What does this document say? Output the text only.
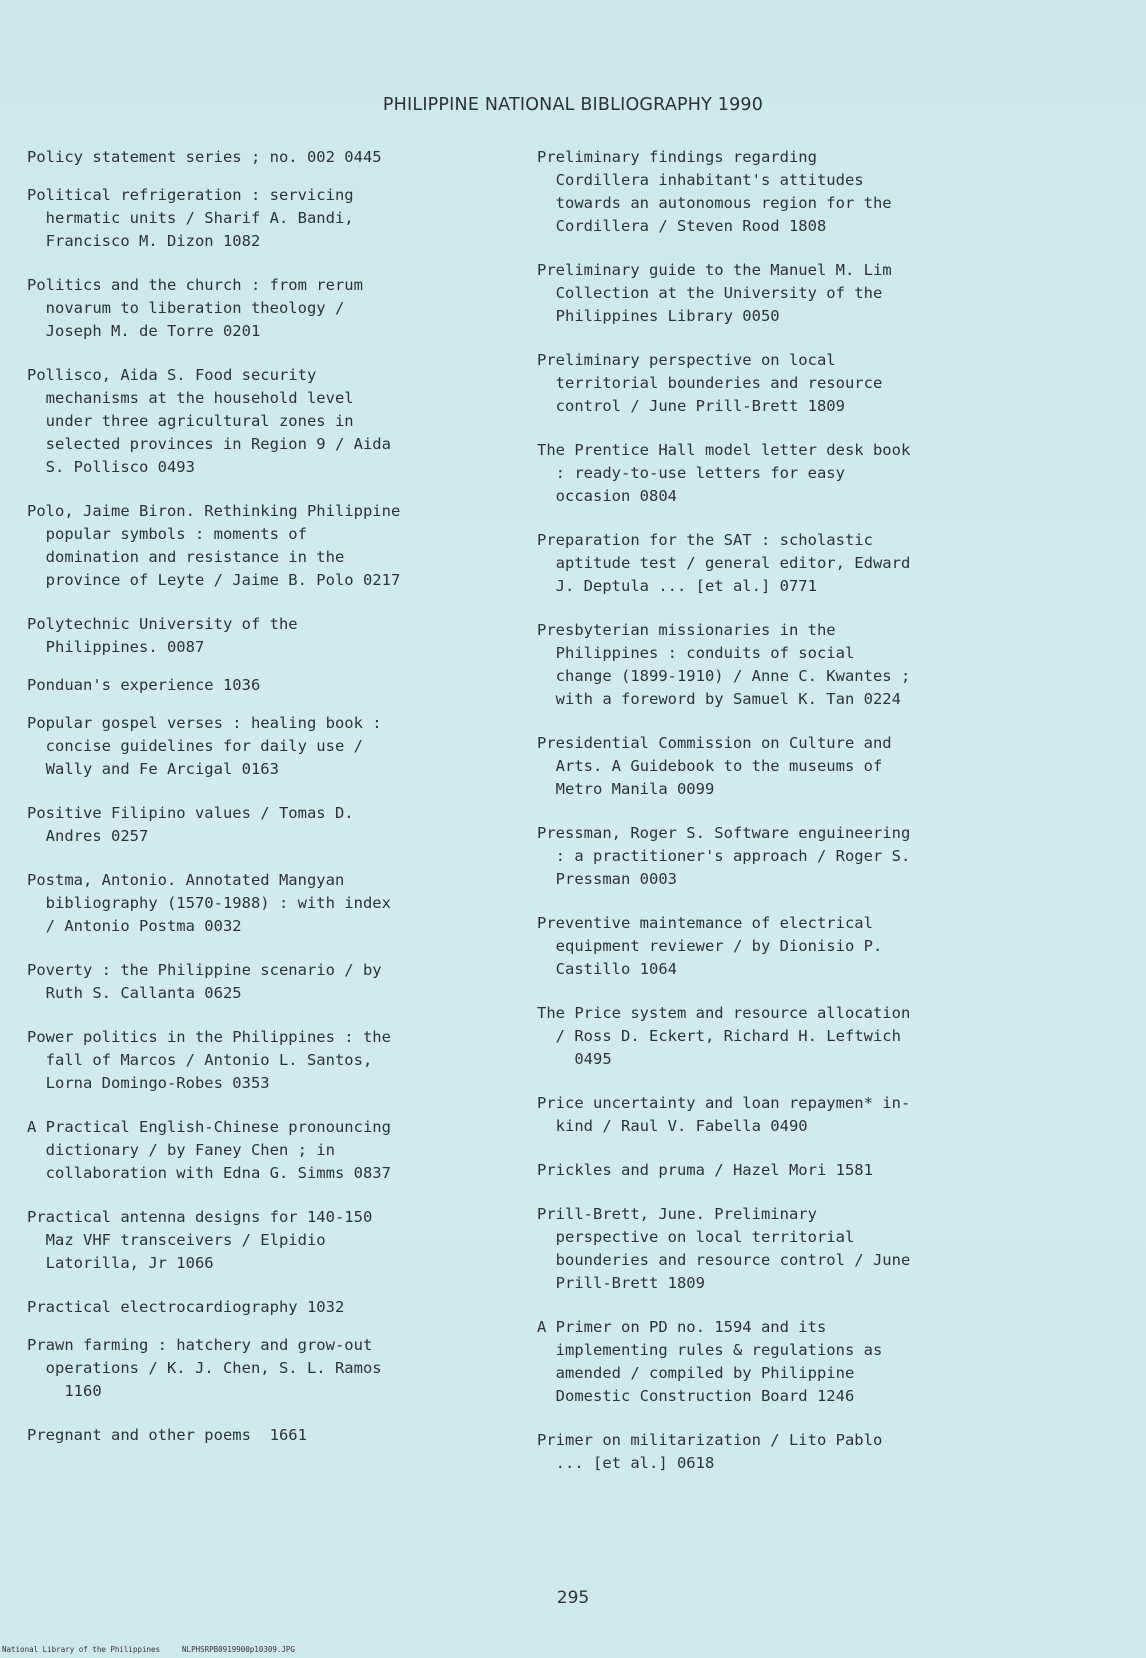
PHILIPPINE NATIONAL BIBLIOGRAPHY 1990
Policy statement series ; no. 002 0445
Political refrigeration : servicing
hermatic units / Sharif A. Bandi,
Francisco M. Dizon 1082
Politics and the church : from rerum
novarum to liberation theology /
Joseph M. de Torre 0201
Pollisco, Aida S. Food security
mechanisms at the household level
under three agricultural zones in
selected provinces in Region 9 / Aida
S. Pollisco 0493
Polo, Jaime Biron. Rethinking Philippine
popular symbols : moments of
domination and resistance in the
province of Leyte / Jaime B. Polo 0217
Polytechnic University of the
Philippines. 0087
Ponduan's experience 1036
Popular gospel verses : healing book :
concise guidelines for daily use /
Wally and Fe Arcigal 0163
Positive Filipino values / Tomas D.
Andres 0257
Postma, Antonio. Annotated Mangyan
bibliography (1570-1988) : with index
/ Antonio Postma 0032
Poverty : the Philippine scenario / by
Ruth S. Callanta 0625
Power politics in the Philippines : the
fall of Marcos / Antonio L. Santos,
Lorna Domingo-Robes 0353
A Practical English-Chinese pronouncing
dictionary / by Faney Chen ; in
collaboration with Edna G. Simms 0837
Practical antenna designs for 140-150
Maz VHF transceivers / Elpidio
Latorilla, Jr 1066
Practical electrocardiography 1032
Prawn farming : hatchery and grow-out
operations / K. J. Chen, S. L. Ramos
1160
Pregnant and other poems  1661
Preliminary findings regarding
Cordillera inhabitant's attitudes
towards an autonomous region for the
Cordillera / Steven Rood 1808
Preliminary guide to the Manuel M. Lim
Collection at the University of the
Philippines Library 0050
Preliminary perspective on local
territorial bounderies and resource
control / June Prill-Brett 1809
The Prentice Hall model letter desk book
: ready-to-use letters for easy
occasion 0804
Preparation for the SAT : scholastic
aptitude test / general editor, Edward
J. Deptula ... [et al.] 0771
Presbyterian missionaries in the
Philippines : conduits of social
change (1899-1910) / Anne C. Kwantes ;
with a foreword by Samuel K. Tan 0224
Presidential Commission on Culture and
Arts. A Guidebook to the museums of
Metro Manila 0099
Pressman, Roger S. Software enguineering
: a practitioner's approach / Roger S.
Pressman 0003
Preventive maintemance of electrical
equipment reviewer / by Dionisio P.
Castillo 1064
The Price system and resource allocation
/ Ross D. Eckert, Richard H. Leftwich
0495
Price uncertainty and loan repaymen* in-
kind / Raul V. Fabella 0490
Prickles and pruma / Hazel Mori 1581
Prill-Brett, June. Preliminary
perspective on local territorial
bounderies and resource control / June
Prill-Brett 1809
A Primer on PD no. 1594 and its
implementing rules & regulations as
amended / compiled by Philippine
Domestic Construction Board 1246
Primer on militarization / Lito Pablo
... [et al.] 0618
295
National Library of the Philippines	NLPHSRPB0919900p10309.JPG
